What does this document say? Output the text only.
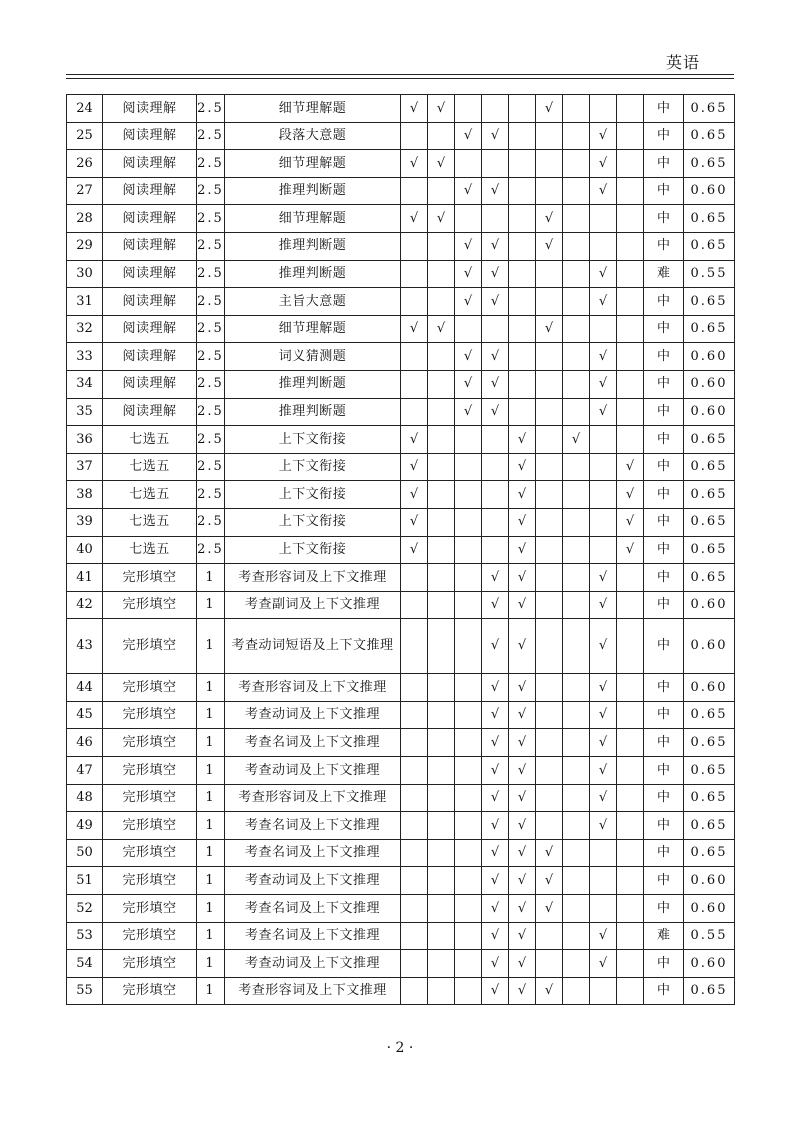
英语
24	阅读理解	2.5	细节理解题	√	√				√				中	0.65
25	阅读理解	2.5	段落大意题			√	√				√		中	0.65
26	阅读理解	2.5	细节理解题	√	√						√		中	0.65
27	阅读理解	2.5	推理判断题			√	√				√		中	0.60
28	阅读理解	2.5	细节理解题	√	√				√				中	0.65
29	阅读理解	2.5	推理判断题			√	√		√				中	0.65
30	阅读理解	2.5	推理判断题			√	√				√		难	0.55
31	阅读理解	2.5	主旨大意题			√	√				√		中	0.65
32	阅读理解	2.5	细节理解题	√	√				√				中	0.65
33	阅读理解	2.5	词义猜测题			√	√				√		中	0.60
34	阅读理解	2.5	推理判断题			√	√				√		中	0.60
35	阅读理解	2.5	推理判断题			√	√				√		中	0.60
36	七选五	2.5	上下文衔接	√				√		√			中	0.65
37	七选五	2.5	上下文衔接	√				√				√	中	0.65
38	七选五	2.5	上下文衔接	√				√				√	中	0.65
39	七选五	2.5	上下文衔接	√				√				√	中	0.65
40	七选五	2.5	上下文衔接	√				√				√	中	0.65
41	完形填空	1	考查形容词及上下文推理				√	√			√		中	0.65
42	完形填空	1	考查副词及上下文推理				√	√			√		中	0.60
43	完形填空	1	考查动词短语及上下文推理				√	√			√		中	0.60
44	完形填空	1	考查形容词及上下文推理				√	√			√		中	0.60
45	完形填空	1	考查动词及上下文推理				√	√			√		中	0.65
46	完形填空	1	考查名词及上下文推理				√	√			√		中	0.65
47	完形填空	1	考查动词及上下文推理				√	√			√		中	0.65
48	完形填空	1	考查形容词及上下文推理				√	√			√		中	0.65
49	完形填空	1	考查名词及上下文推理				√	√			√		中	0.65
50	完形填空	1	考查名词及上下文推理				√	√	√				中	0.65
51	完形填空	1	考查动词及上下文推理				√	√	√				中	0.60
52	完形填空	1	考查名词及上下文推理				√	√	√				中	0.60
53	完形填空	1	考查名词及上下文推理				√	√			√		难	0.55
54	完形填空	1	考查动词及上下文推理				√	√			√		中	0.60
55	完形填空	1	考查形容词及上下文推理				√	√	√				中	0.65
· 2 ·
